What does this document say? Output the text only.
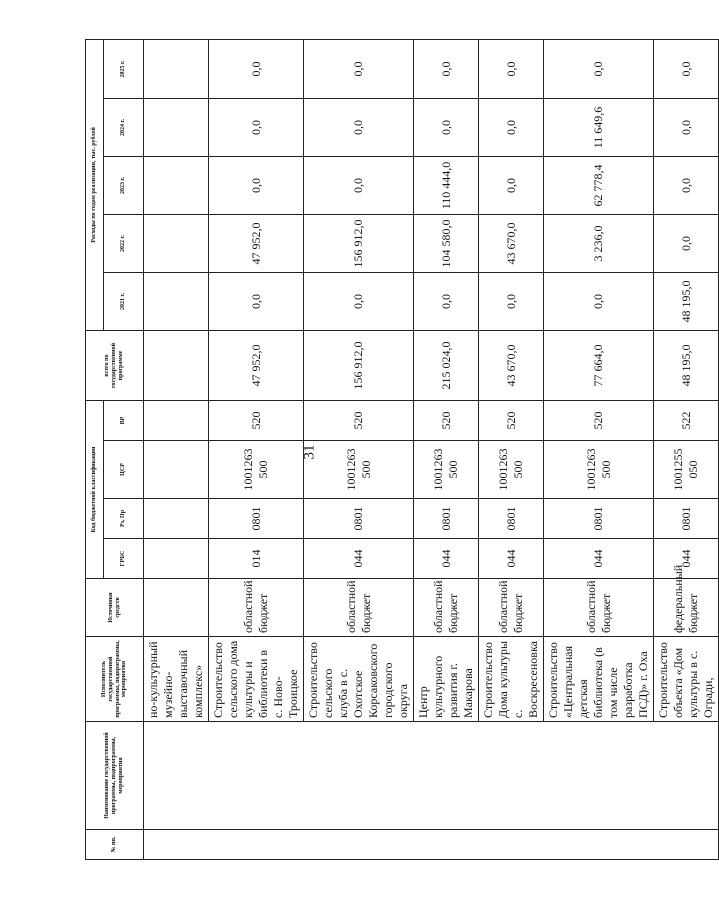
31
№ пп.	Наименование государственной программы, подпрограммы, мероприятия	Исполнитель государственной программы, подпрограммы, мероприятия	Источники средств	Код бюджетной классификации				всего по государственной программе	Расходы по годам реализации, тыс. рублей				
				ГРБС	Рз, Пр	ЦСР	ВР		2021 г.	2022 г.	2023 г.	2024 г.	2025 г.
		но-культурный музейно-выставочный комплекс»											
		Строительство сельского дома культуры и библиотеки в с. Ново-Троицкое	областной бюджет	014	0801	1001263 500	520	47 952,0	0,0	47 952,0	0,0	0,0	0,0
		Строительство сельского клуба в с. Охотское Корсаковского городского округа	областной бюджет	044	0801	1001263 500	520	156 912,0	0,0	156 912,0	0,0	0,0	0,0
		Центр культурного развития г. Макарова	областной бюджет	044	0801	1001263 500	520	215 024,0	0,0	104 580,0	110 444,0	0,0	0,0
		Строительство Дома культуры с. Воскресеновка	областной бюджет	044	0801	1001263 500	520	43 670,0	0,0	43 670,0	0,0	0,0	0,0
		Строительство «Центральная детская библиотека (в том числе разработка ПСД)» г. Оха	областной бюджет	044	0801	1001263 500	520	77 664,0	0,0	3 236,0	62 778,4	11 649,6	0,0
		Строительство объекта «Дом культуры в с. Огради,	федеральный бюджет	044	0801	1001255 050	522	48 195,0	48 195,0	0,0	0,0	0,0	0,0
